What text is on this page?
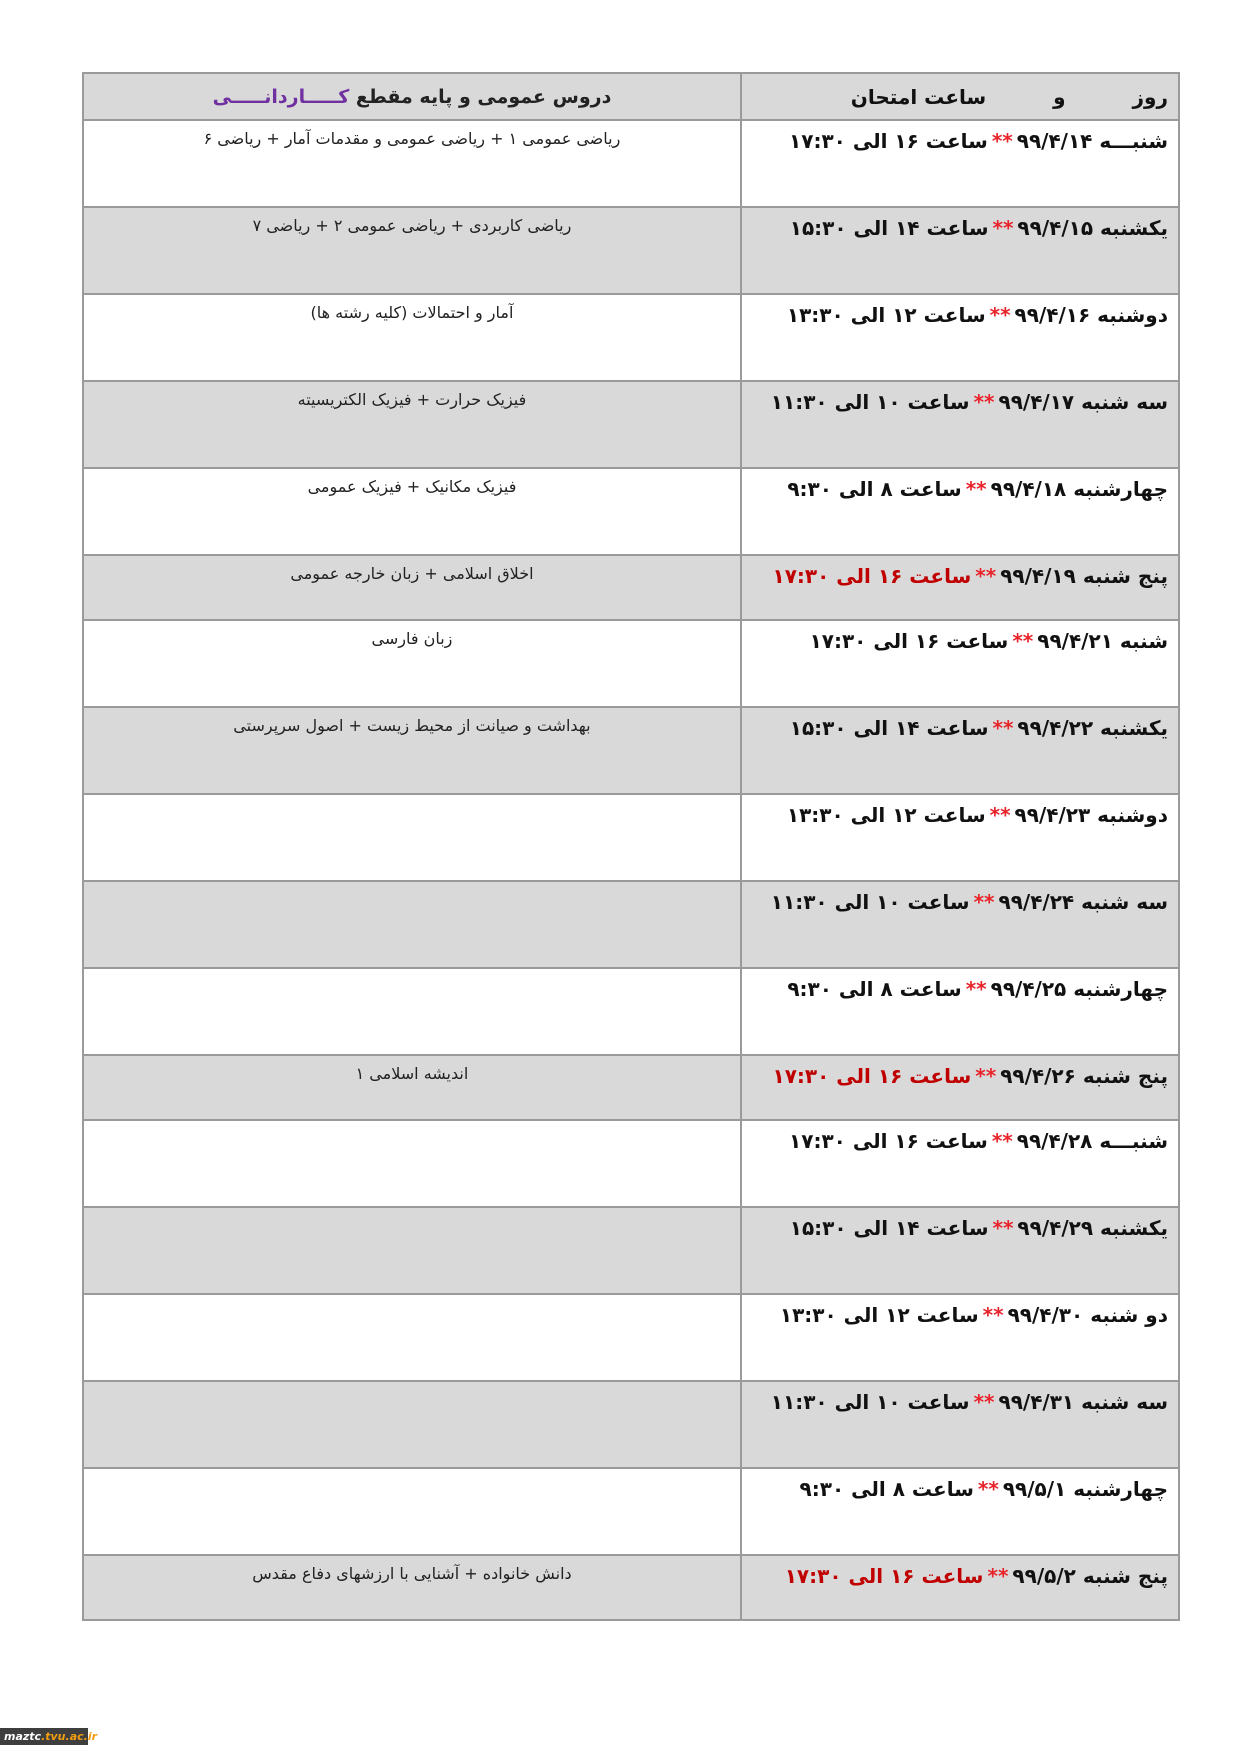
روز و ساعت امتحان	دروس عمومی و پایه مقطع کـــــاردانـــــی
شنبـــه ۹۹/۴/۱۴**ساعت ۱۶ الی ۱۷:۳۰	ریاضی عمومی ۱ + ریاضی عمومی و مقدمات آمار + ریاضی ۶
یکشنبه ۹۹/۴/۱۵**ساعت ۱۴ الی ۱۵:۳۰	ریاضی کاربردی + ریاضی عمومی ۲ + ریاضی ۷
دوشنبه ۹۹/۴/۱۶**ساعت ۱۲ الی ۱۳:۳۰	آمار و احتمالات (کلیه رشته ها)
سه شنبه ۹۹/۴/۱۷**ساعت ۱۰ الی ۱۱:۳۰	فیزیک حرارت + فیزیک الکتریسیته
چهارشنبه ۹۹/۴/۱۸**ساعت ۸ الی ۹:۳۰	فیزیک مکانیک + فیزیک عمومی
پنج شنبه ۹۹/۴/۱۹**ساعت ۱۶ الی ۱۷:۳۰	اخلاق اسلامی + زبان خارجه عمومی
شنبه ۹۹/۴/۲۱**ساعت ۱۶ الی ۱۷:۳۰	زبان فارسی
یکشنبه ۹۹/۴/۲۲**ساعت ۱۴ الی ۱۵:۳۰	بهداشت و صیانت از محیط زیست + اصول سرپرستی
دوشنبه ۹۹/۴/۲۳**ساعت ۱۲ الی ۱۳:۳۰	
سه شنبه ۹۹/۴/۲۴**ساعت ۱۰ الی ۱۱:۳۰	
چهارشنبه ۹۹/۴/۲۵**ساعت ۸ الی ۹:۳۰	
پنج شنبه ۹۹/۴/۲۶**ساعت ۱۶ الی ۱۷:۳۰	اندیشه اسلامی ۱
شنبـــه ۹۹/۴/۲۸**ساعت ۱۶ الی ۱۷:۳۰	
یکشنبه ۹۹/۴/۲۹**ساعت ۱۴ الی ۱۵:۳۰	
دو شنبه ۹۹/۴/۳۰**ساعت ۱۲ الی ۱۳:۳۰	
سه شنبه ۹۹/۴/۳۱**ساعت ۱۰ الی ۱۱:۳۰	
چهارشنبه ۹۹/۵/۱**ساعت ۸ الی ۹:۳۰	
پنج شنبه ۹۹/۵/۲**ساعت ۱۶ الی ۱۷:۳۰	دانش خانواده + آشنایی با ارزشهای دفاع مقدس
maztc.tvu.ac.ir
